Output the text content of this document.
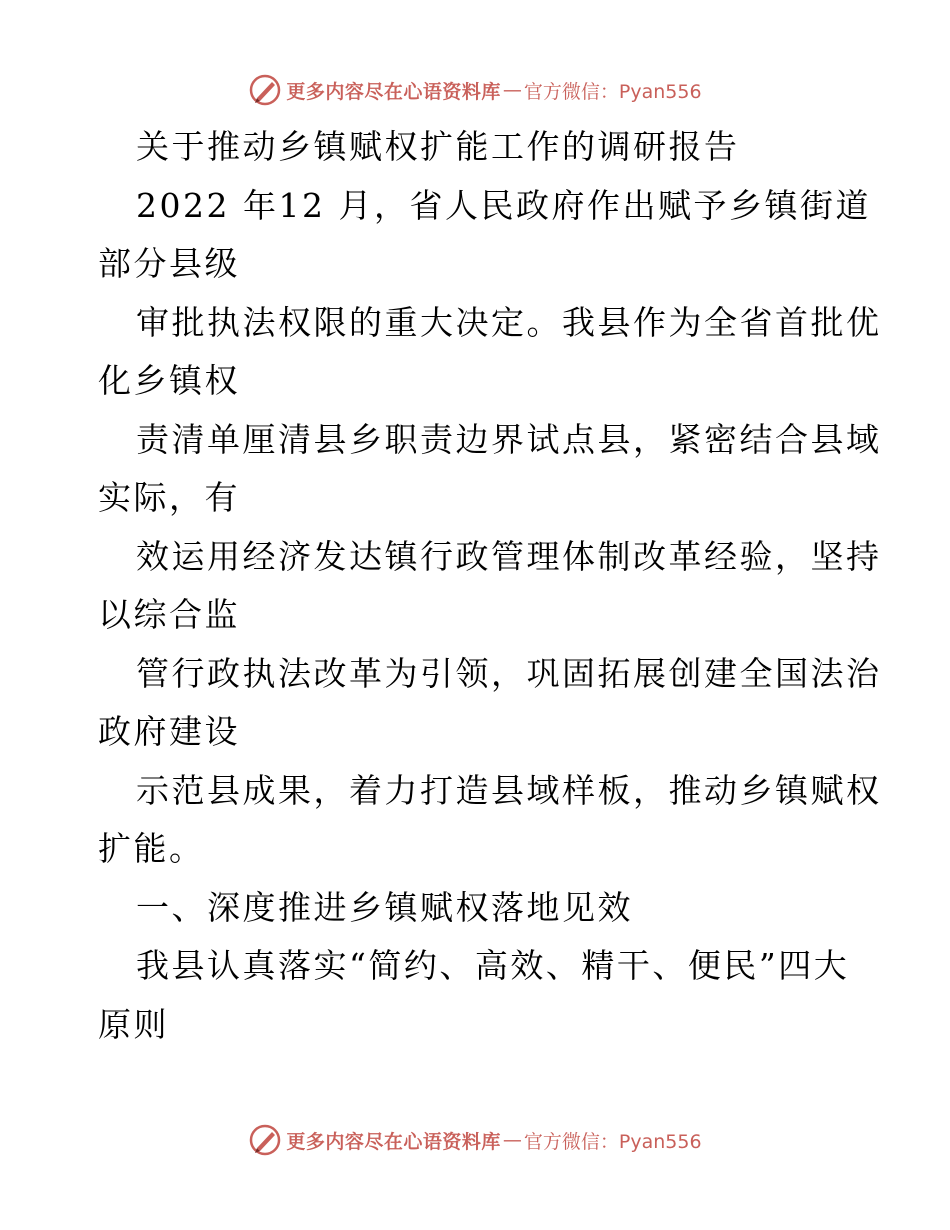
更多内容尽在心语资料库 — 官方微信：Pyan556
关于推动乡镇赋权扩能工作的调研报告
2022 年12 月，省人民政府作出赋予乡镇街道
部分县级
审批执法权限的重大决定。我县作为全省首批优
化乡镇权
责清单厘清县乡职责边界试点县，紧密结合县域
实际，有
效运用经济发达镇行政管理体制改革经验，坚持
以综合监
管行政执法改革为引领，巩固拓展创建全国法治
政府建设
示范县成果，着力打造县域样板，推动乡镇赋权
扩能。
一、深度推进乡镇赋权落地见效
我县认真落实“简约、高效、精干、便民”四大
原则
更多内容尽在心语资料库 — 官方微信：Pyan556
